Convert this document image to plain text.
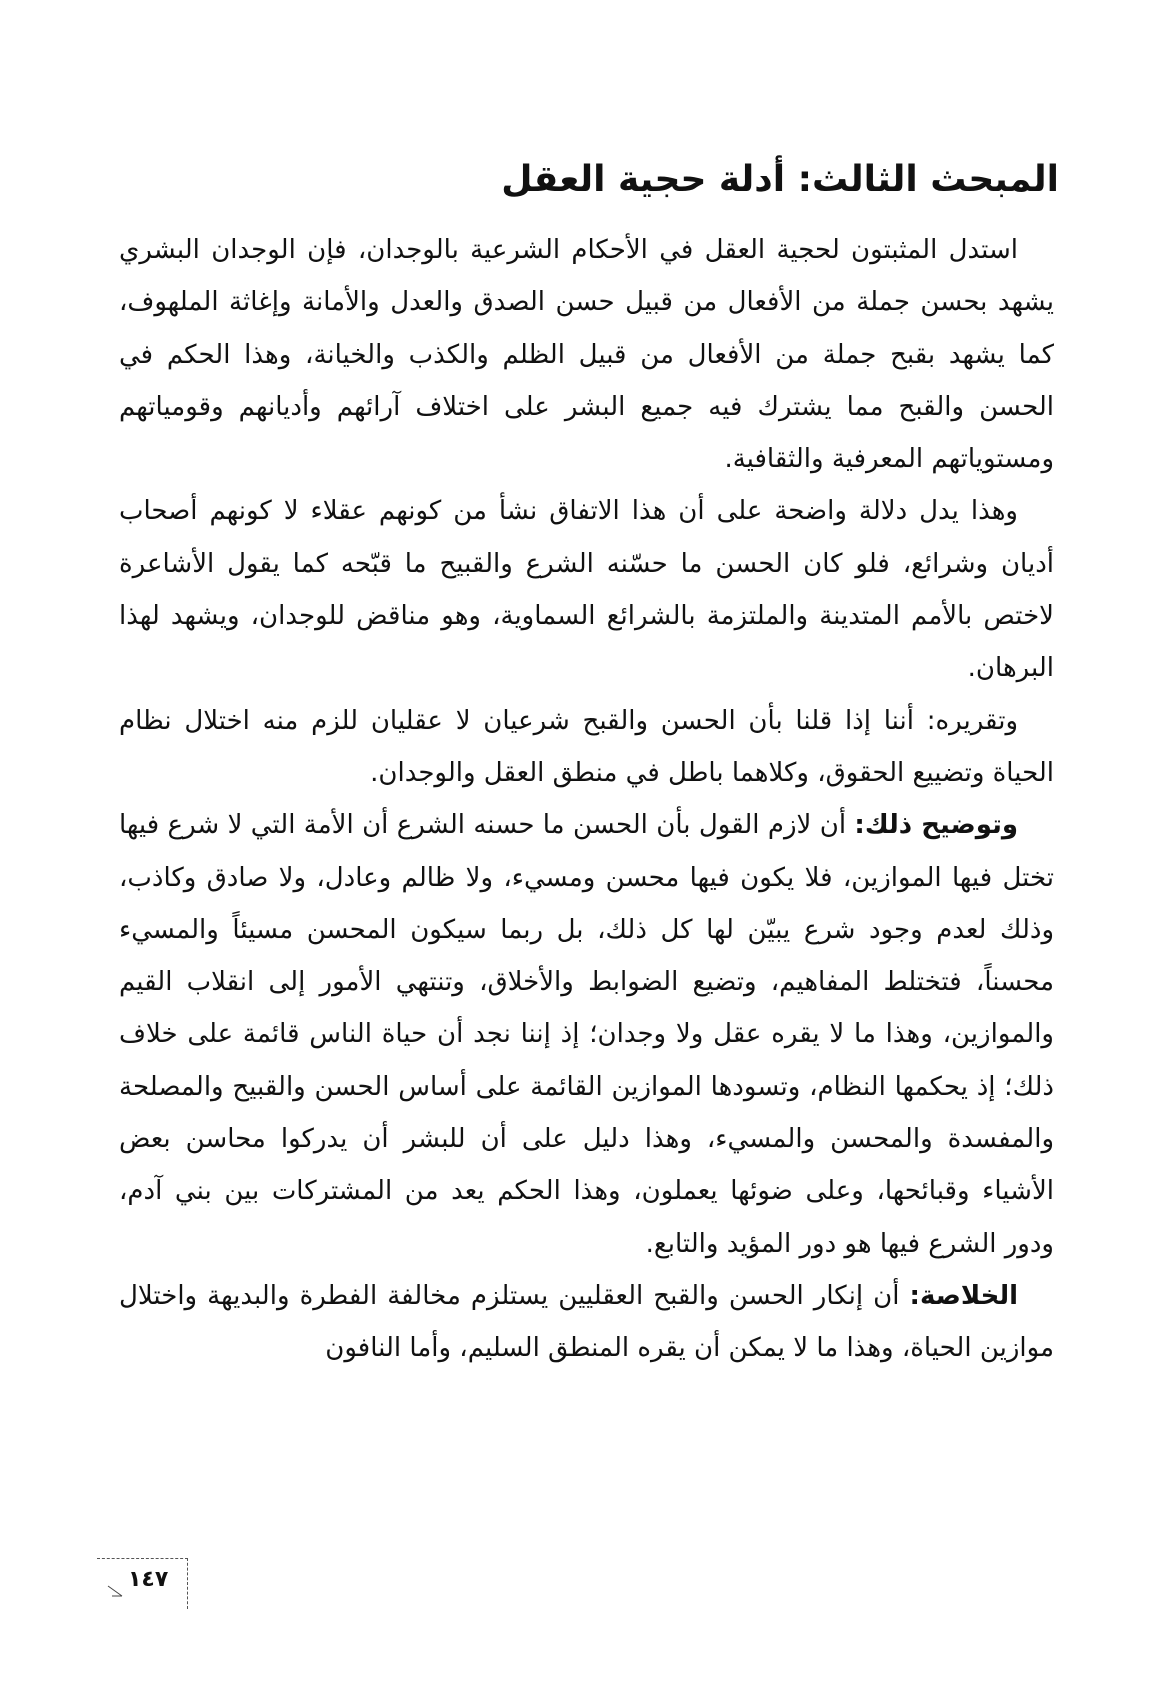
المبحث الثالث: أدلة حجية العقل

استدل المثبتون لحجية العقل في الأحكام الشرعية بالوجدان، فإن الوجدان البشري يشهد بحسن جملة من الأفعال من قبيل حسن الصدق والعدل والأمانة وإغاثة الملهوف، كما يشهد بقبح جملة من الأفعال من قبيل الظلم والكذب والخيانة، وهذا الحكم في الحسن والقبح مما يشترك فيه جميع البشر على اختلاف آرائهم وأديانهم وقومياتهم ومستوياتهم المعرفية والثقافية.

وهذا يدل دلالة واضحة على أن هذا الاتفاق نشأ من كونهم عقلاء لا كونهم أصحاب أديان وشرائع، فلو كان الحسن ما حسّنه الشرع والقبيح ما قبّحه كما يقول الأشاعرة لاختص بالأمم المتدينة والملتزمة بالشرائع السماوية، وهو مناقض للوجدان، ويشهد لهذا البرهان.

وتقريره: أننا إذا قلنا بأن الحسن والقبح شرعيان لا عقليان للزم منه اختلال نظام الحياة وتضييع الحقوق، وكلاهما باطل في منطق العقل والوجدان.

وتوضيح ذلك: أن لازم القول بأن الحسن ما حسنه الشرع أن الأمة التي لا شرع فيها تختل فيها الموازين، فلا يكون فيها محسن ومسيء، ولا ظالم وعادل، ولا صادق وكاذب، وذلك لعدم وجود شرع يبيّن لها كل ذلك، بل ربما سيكون المحسن مسيئاً والمسيء محسناً، فتختلط المفاهيم، وتضيع الضوابط والأخلاق، وتنتهي الأمور إلى انقلاب القيم والموازين، وهذا ما لا يقره عقل ولا وجدان؛ إذ إننا نجد أن حياة الناس قائمة على خلاف ذلك؛ إذ يحكمها النظام، وتسودها الموازين القائمة على أساس الحسن والقبيح والمصلحة والمفسدة والمحسن والمسيء، وهذا دليل على أن للبشر أن يدركوا محاسن بعض الأشياء وقبائحها، وعلى ضوئها يعملون، وهذا الحكم يعد من المشتركات بين بني آدم، ودور الشرع فيها هو دور المؤيد والتابع.

الخلاصة: أن إنكار الحسن والقبح العقليين يستلزم مخالفة الفطرة والبديهة واختلال موازين الحياة، وهذا ما لا يمكن أن يقره المنطق السليم، وأما النافون

١٤٧
